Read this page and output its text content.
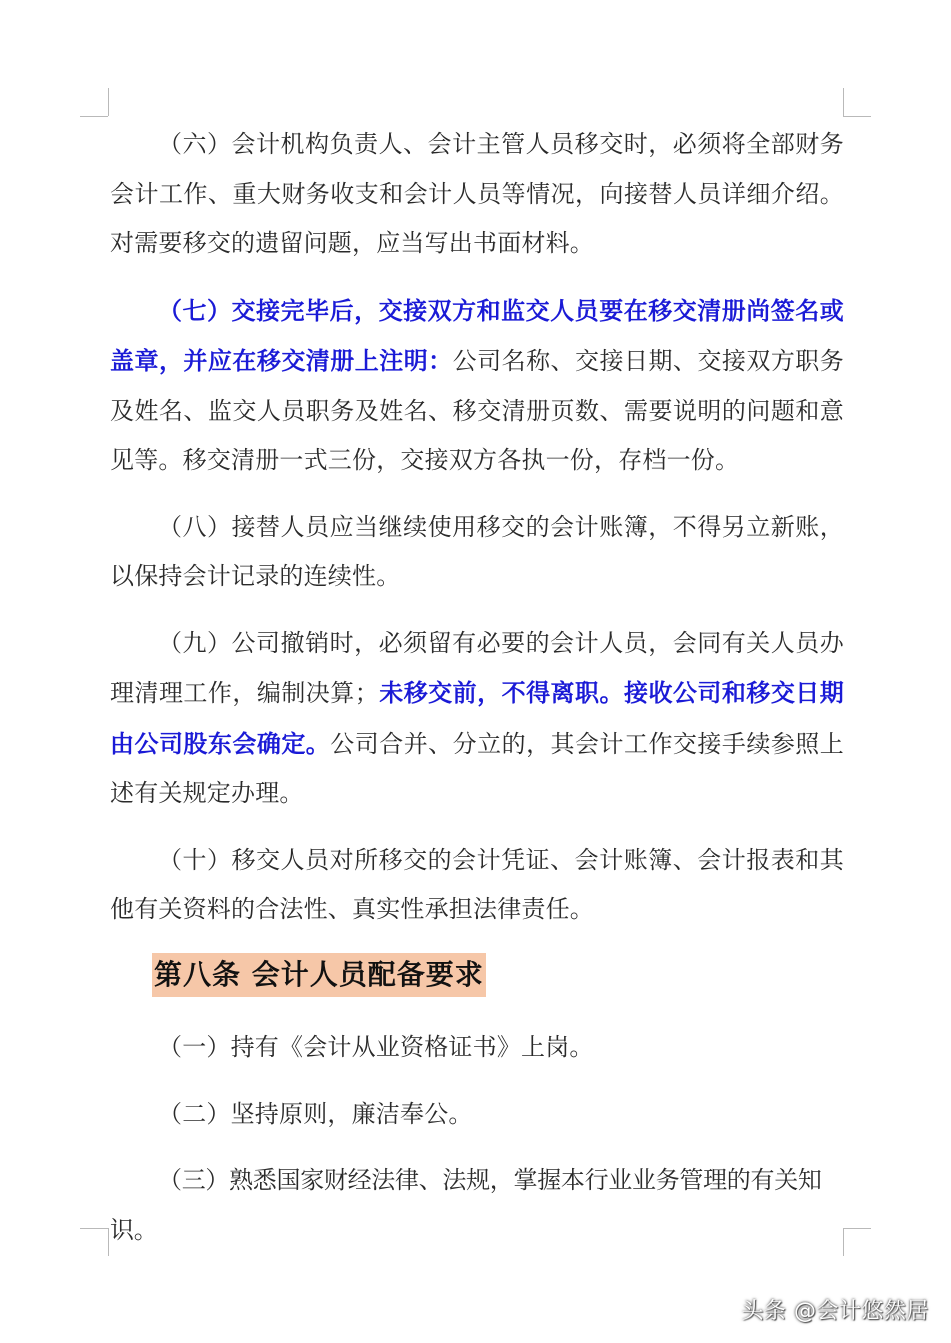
（六）会计机构负责人、会计主管人员移交时，必须将全部财务会计工作、重大财务收支和会计人员等情况，向接替人员详细介绍。对需要移交的遗留问题，应当写出书面材料。

（七）交接完毕后，交接双方和监交人员要在移交清册尚签名或盖章，并应在移交清册上注明：公司名称、交接日期、交接双方职务及姓名、监交人员职务及姓名、移交清册页数、需要说明的问题和意见等。移交清册一式三份，交接双方各执一份，存档一份。

（八）接替人员应当继续使用移交的会计账簿，不得另立新账，以保持会计记录的连续性。

（九）公司撤销时，必须留有必要的会计人员，会同有关人员办理清理工作，编制决算；未移交前，不得离职。接收公司和移交日期由公司股东会确定。公司合并、分立的，其会计工作交接手续参照上述有关规定办理。

（十）移交人员对所移交的会计凭证、会计账簿、会计报表和其他有关资料的合法性、真实性承担法律责任。

第八条 会计人员配备要求

（一）持有《会计从业资格证书》上岗。

（二）坚持原则，廉洁奉公。

（三）熟悉国家财经法律、法规，掌握本行业业务管理的有关知识。

头条 @会计悠然居
